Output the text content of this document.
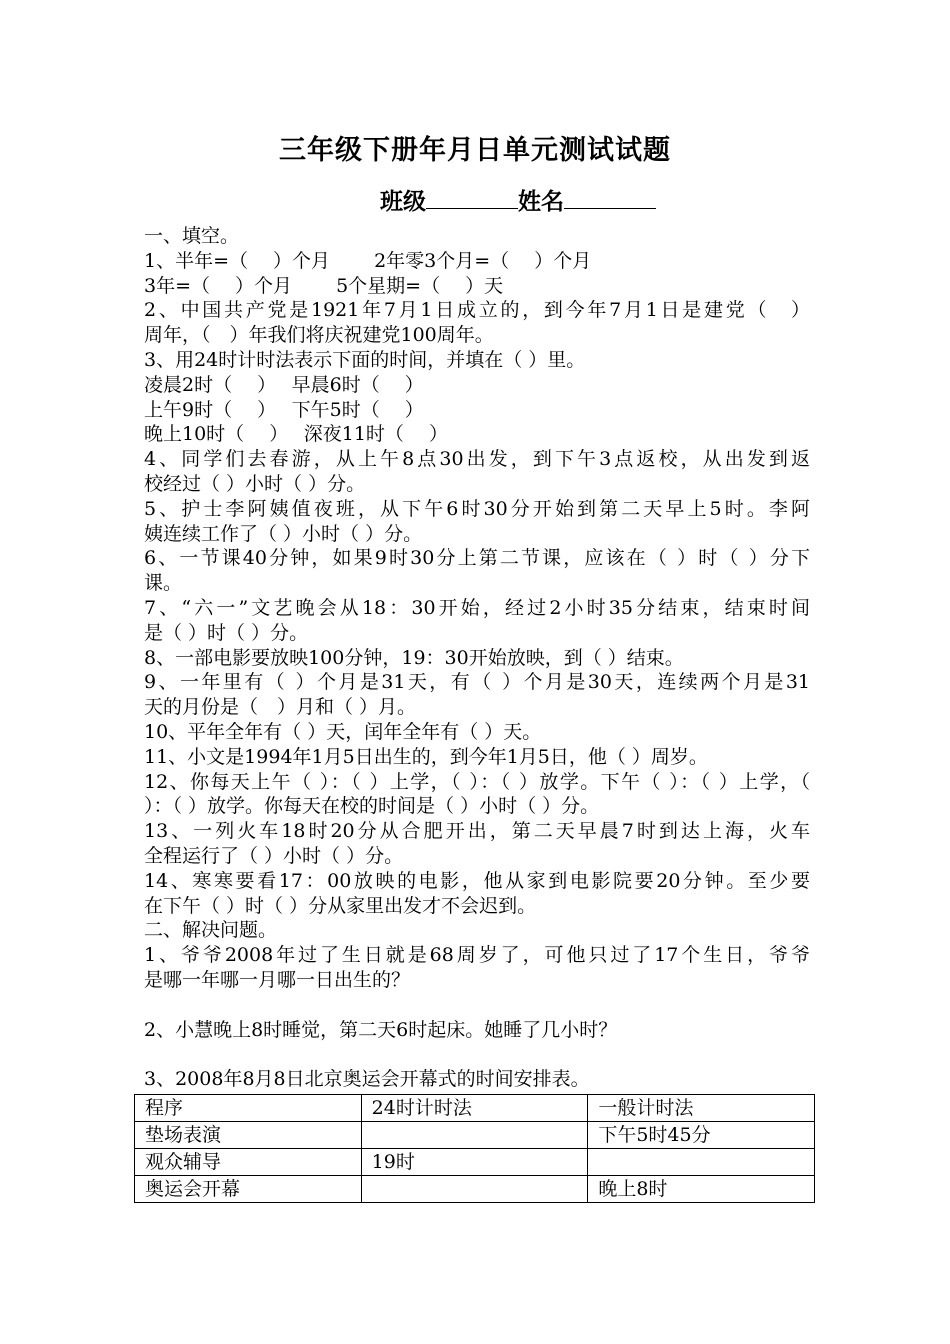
三年级下册年月日单元测试试题
班级	姓名
一、填空。
1、半年=（　 ）个月　　 2年零3个月=（　 ）个月
3年=（　 ）个月　　 5个星期=（　 ）天
2、中国共产党是1921年7月1日成立的，到今年7月1日是建党（　）
周年，（　）年我们将庆祝建党100周年。
3、用24时计时法表示下面的时间，并填在（ ）里。
凌晨2时（　 ）　 早晨6时（　 ）
上午9时（　 ）　 下午5时（　 ）
晚上10时（　 ）　 深夜11时（　 ）
4、同学们去春游，从上午8点30出发，到下午3点返校，从出发到返
校经过（ ）小时（ ）分。
5、护士李阿姨值夜班，从下午6时30分开始到第二天早上5时。李阿
姨连续工作了（ ）小时（ ）分。
6、一节课40分钟，如果9时30分上第二节课，应该在（ ）时（ ）分下
课。
7、“六一”文艺晚会从18：30开始，经过2小时35分结束，结束时间
是（ ）时（ ）分。
8、一部电影要放映100分钟，19：30开始放映，到（ ）结束。
9、一年里有（ ）个月是31天，有（ ）个月是30天，连续两个月是31
天的月份是（　）月和（ ）月。
10、平年全年有（ ）天，闰年全年有（ ）天。
11、小文是1994年1月5日出生的，到今年1月5日，他（ ）周岁。
12、你每天上午（ ）：（ ）上学，（ ）：（ ）放学。下午（ ）：（ ）上学，（
）：（ ）放学。你每天在校的时间是（ ）小时（ ）分。
13、一列火车18时20分从合肥开出，第二天早晨7时到达上海，火车
全程运行了（ ）小时（ ）分。
14、寒寒要看17：00放映的电影，他从家到电影院要20分钟。至少要
在下午（ ）时（ ）分从家里出发才不会迟到。
二、解决问题。
1、爷爷2008年过了生日就是68周岁了，可他只过了17个生日，爷爷
是哪一年哪一月哪一日出生的？
2、小慧晚上8时睡觉，第二天6时起床。她睡了几小时？
3、2008年8月8日北京奥运会开幕式的时间安排表。
程序	24时计时法	一般计时法
垫场表演		下午5时45分
观众辅导	19时	
奥运会开幕		晚上8时
